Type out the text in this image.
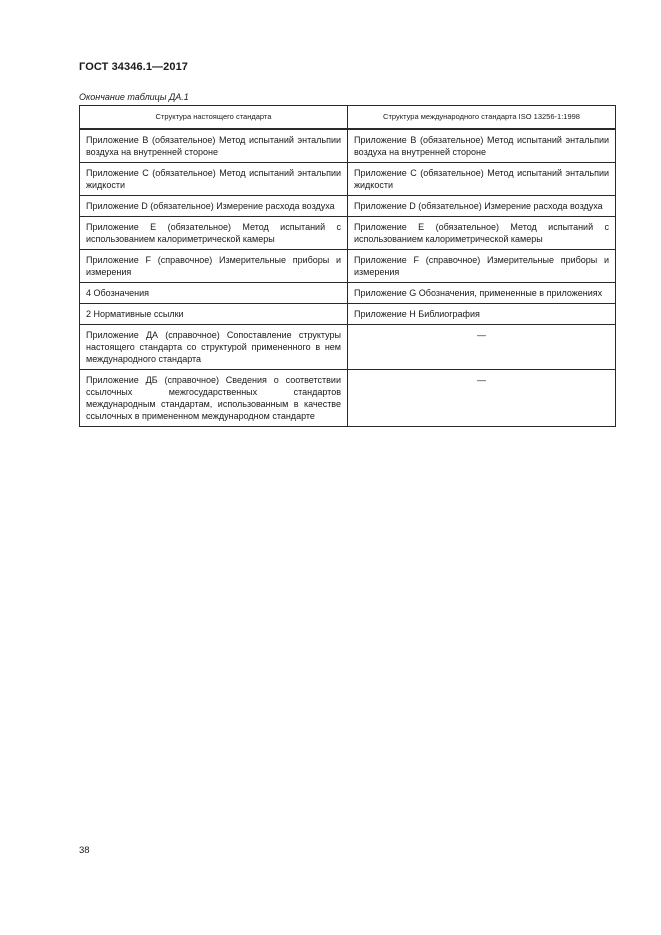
ГОСТ 34346.1—2017
Окончание таблицы ДА.1
Структура настоящего стандарта	Структура международного стандарта ISO 13256-1:1998
Приложение В (обязательное) Метод испытаний энтальпии воздуха на внутренней стороне	Приложение В (обязательное) Метод испытаний энтальпии воздуха на внутренней стороне
Приложение С (обязательное) Метод испытаний энтальпии жидкости	Приложение С (обязательное) Метод испытаний энтальпии жидкости
Приложение D (обязательное) Измерение расхода воздуха	Приложение D (обязательное) Измерение расхода воздуха
Приложение Е (обязательное) Метод испытаний с использованием калориметрической камеры	Приложение Е (обязательное) Метод испытаний с использованием калориметрической камеры
Приложение F (справочное) Измерительные приборы и измерения	Приложение F (справочное) Измерительные приборы и измерения
4 Обозначения	Приложение G Обозначения, примененные в приложениях
2 Нормативные ссылки	Приложение Н Библиография
Приложение ДА (справочное) Сопоставление структуры настоящего стандарта со структурой примененного в нем международного стандарта	—
Приложение ДБ (справочное) Сведения о соответствии ссылочных межгосударственных стандартов международным стандартам, использованным в качестве ссылочных в примененном международном стандарте	—
38
